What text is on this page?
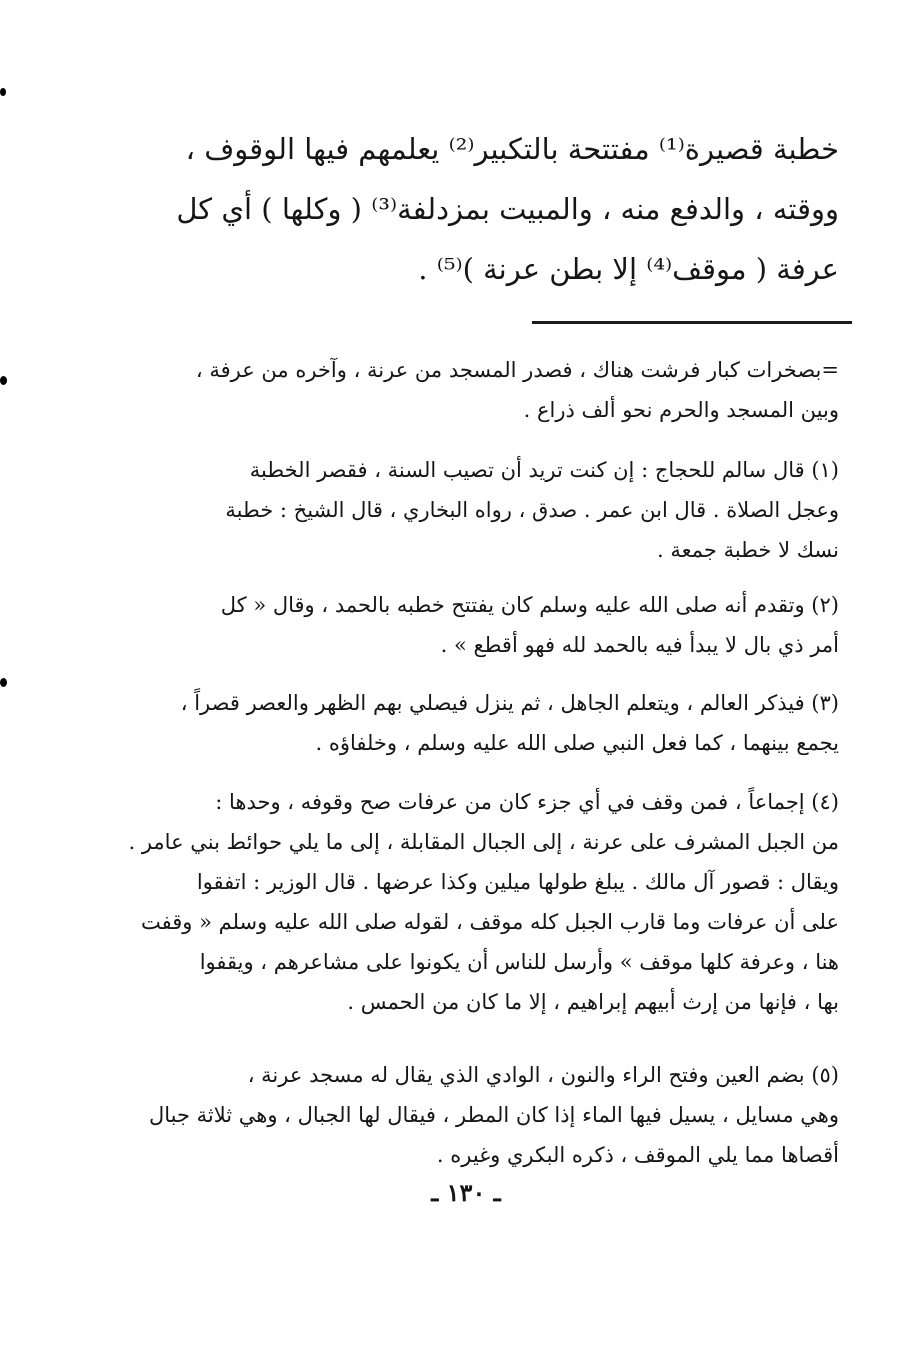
خطبة قصيرة⁽¹⁾ مفتتحة بالتكبير⁽²⁾ يعلمهم فيها الوقوف ،
ووقته ، والدفع منه ، والمبيت بمزدلفة⁽³⁾ ( وكلها ) أي كل
عرفة ( موقف⁽⁴⁾ إلا بطن عرنة )⁽⁵⁾ .
=بصخرات كبار فرشت هناك ، فصدر المسجد من عرنة ، وآخره من عرفة ،
وبين المسجد والحرم نحو ألف ذراع .
(١) قال سالم للحجاج : إن كنت تريد أن تصيب السنة ، فقصر الخطبة
وعجل الصلاة . قال ابن عمر . صدق ، رواه البخاري ، قال الشيخ : خطبة
نسك لا خطبة جمعة .
(٢) وتقدم أنه صلى الله عليه وسلم كان يفتتح خطبه بالحمد ، وقال « كل
أمر ذي بال لا يبدأ فيه بالحمد لله فهو أقطع » .
(٣) فيذكر العالم ، ويتعلم الجاهل ، ثم ينزل فيصلي بهم الظهر والعصر قصراً ،
يجمع بينهما ، كما فعل النبي صلى الله عليه وسلم ، وخلفاؤه .
(٤) إجماعاً ، فمن وقف في أي جزء كان من عرفات صح وقوفه ، وحدها :
من الجبل المشرف على عرنة ، إلى الجبال المقابلة ، إلى ما يلي حوائط بني عامر .
ويقال : قصور آل مالك . يبلغ طولها ميلين وكذا عرضها . قال الوزير : اتفقوا
على أن عرفات وما قارب الجبل كله موقف ، لقوله صلى الله عليه وسلم « وقفت
هنا ، وعرفة كلها موقف » وأرسل للناس أن يكونوا على مشاعرهم ، ويقفوا
بها ، فإنها من إرث أبيهم إبراهيم ، إلا ما كان من الحمس .
(٥) بضم العين وفتح الراء والنون ، الوادي الذي يقال له مسجد عرنة ،
وهي مسايل ، يسيل فيها الماء إذا كان المطر ، فيقال لها الجبال ، وهي ثلاثة جبال
أقصاها مما يلي الموقف ، ذكره البكري وغيره .
ـ ١٣٠ ـ
